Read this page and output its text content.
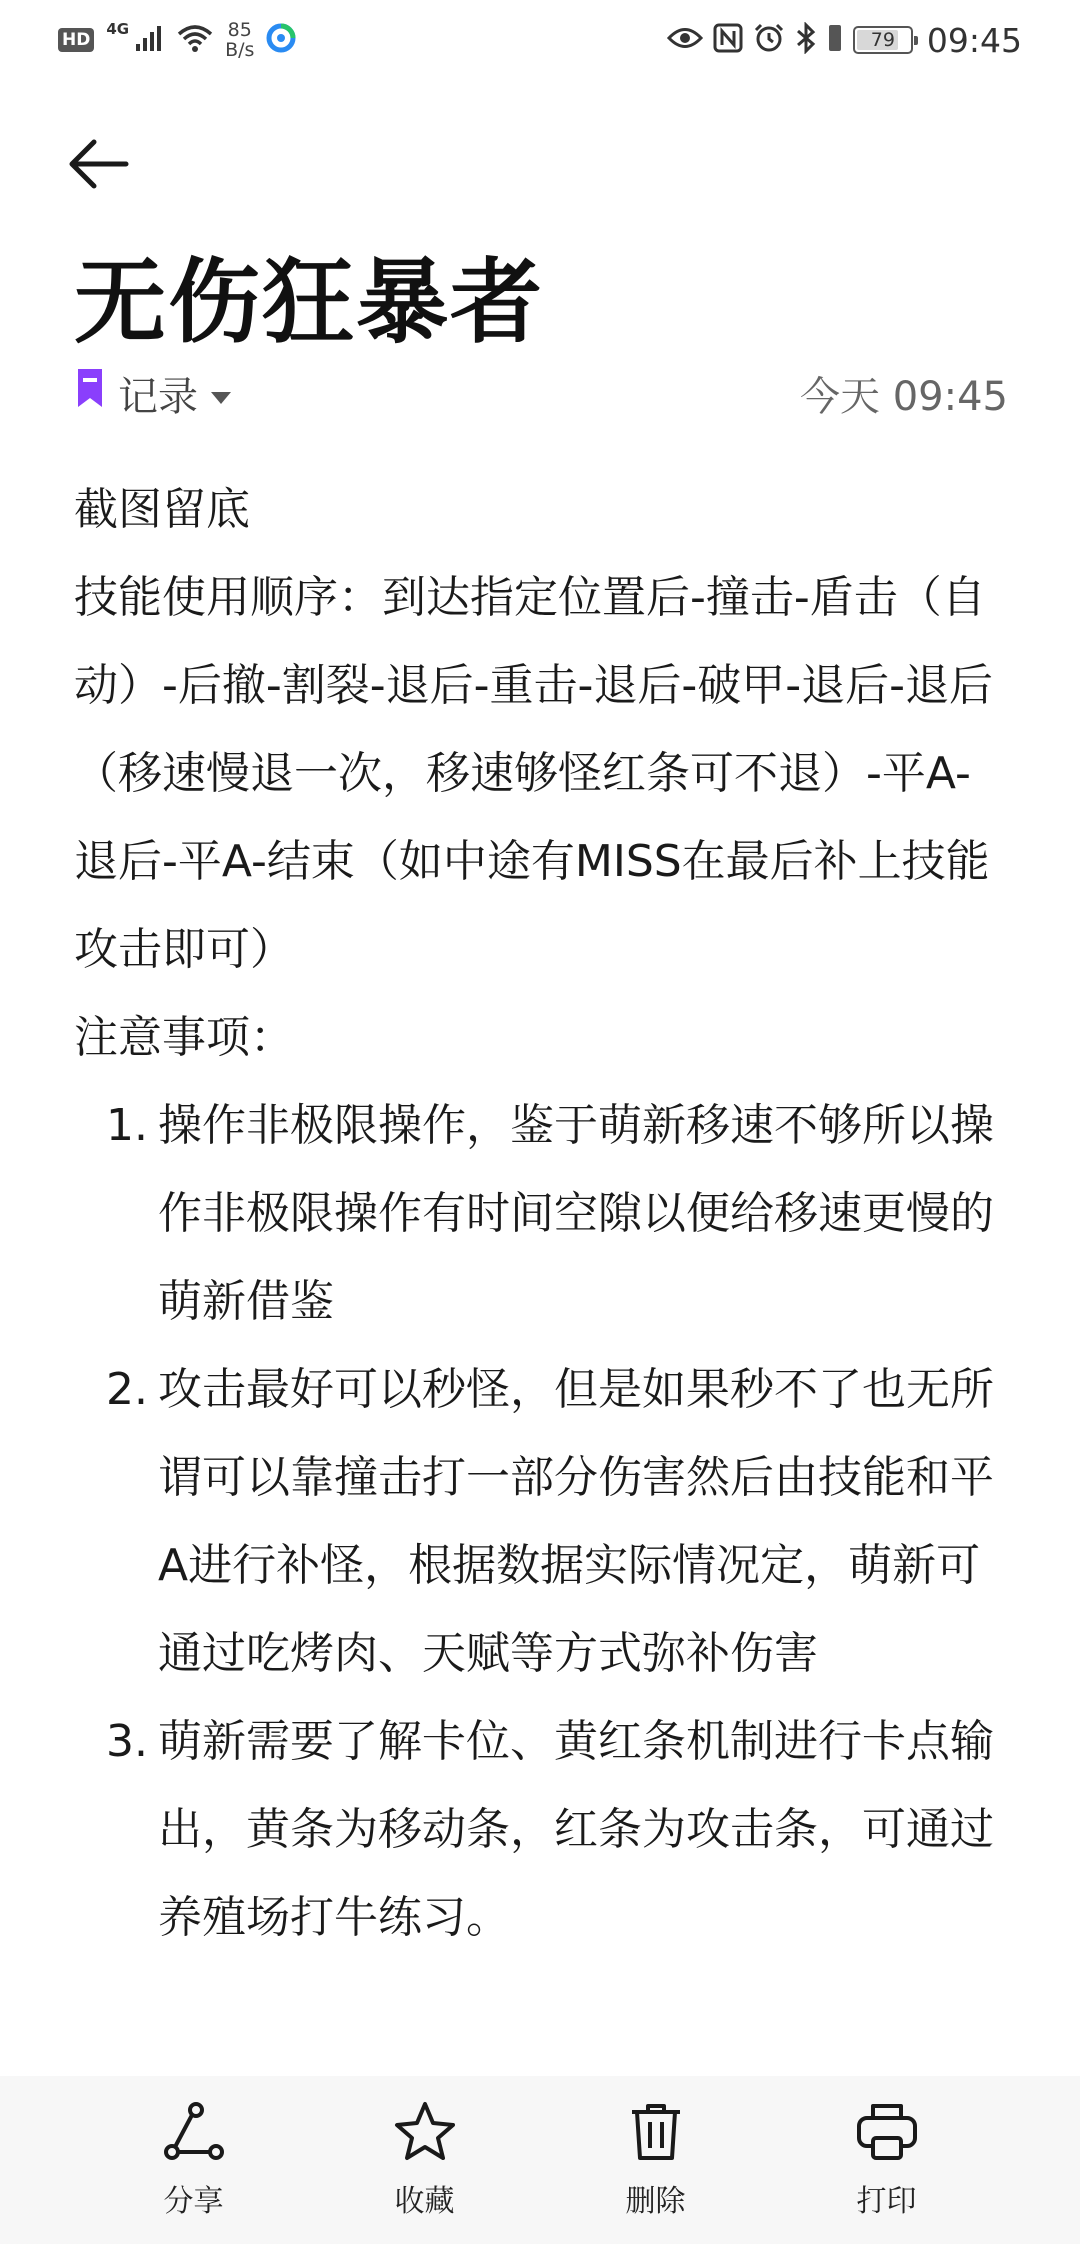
HD
4G	85
B/s	79 09:45
无伤狂暴者
记录	今天 09:45

截图留底

技能使用顺序：到达指定位置后-撞击-盾击（自动）-后撤-割裂-退后-重击-退后-破甲-退后-退后（移速慢退一次，移速够怪红条可不退）-平A-退后-平A-结束（如中途有MISS在最后补上技能攻击即可）

注意事项：

1. 操作非极限操作，鉴于萌新移速不够所以操作非极限操作有时间空隙以便给移速更慢的萌新借鉴
2. 攻击最好可以秒怪，但是如果秒不了也无所谓可以靠撞击打一部分伤害然后由技能和平A进行补怪，根据数据实际情况定，萌新可通过吃烤肉、天赋等方式弥补伤害
3. 萌新需要了解卡位、黄红条机制进行卡点输出，黄条为移动条，红条为攻击条，可通过养殖场打牛练习。
分享	收藏	删除	打印
